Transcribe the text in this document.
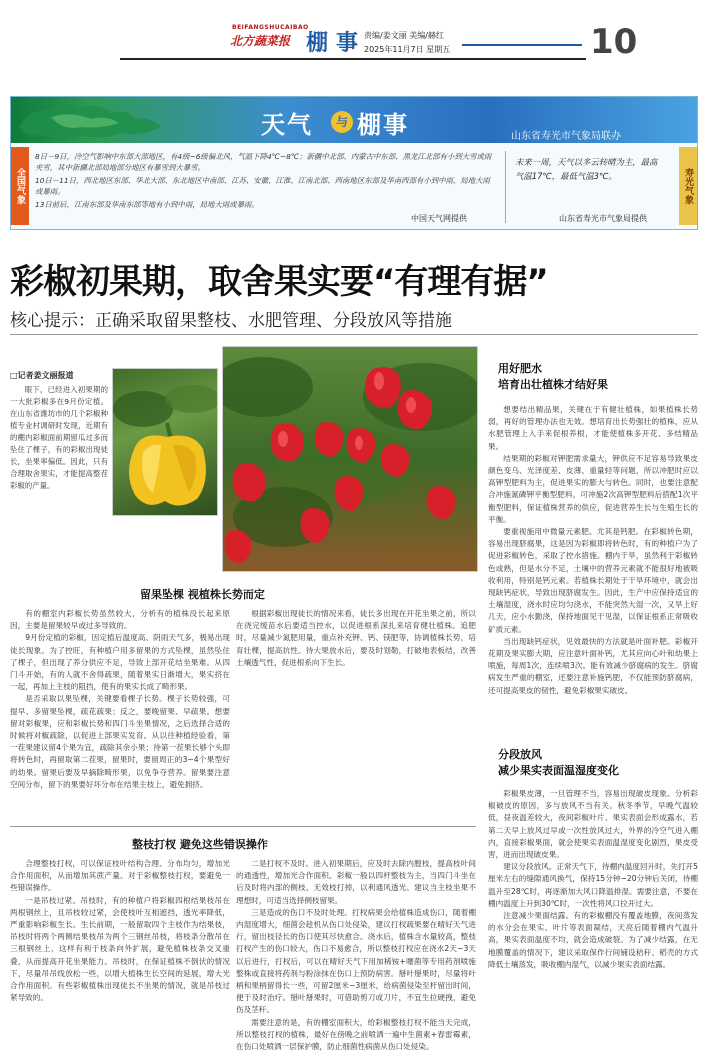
BEIFANGSHUCAIBAO
北方蔬菜报 棚 事 责编/姜文丽 美编/赫红
2025年11月7日 星期五	10
天气	与 棚事	山东省寿光市气象局联办
全国气象

8日－9日，冷空气影响中东部大部地区，有4级~6级偏北风，气温下降4℃~8℃；新疆中北部、内蒙古中东部、黑龙江北部有小到大雪或雨夹雪，其中新疆北部局地部分地区有暴雪到大暴雪。

10日－11日，西北地区东部、华北大部、东北地区中南部、江苏、安徽、江淮、江南北部、西南地区东部及华南西部有小到中雨，局地大雨或暴雨。

13日前后，江南东部及华南东部等地有小到中雨，局地大雨或暴雨。

中国天气网提供
未来一周，天气以多云转晴为主，最高气温17℃，最低气温3℃。
山东省寿光市气象局提供
寿光气象
彩椒初果期，取舍果实要“有理有据”
核心提示：正确采取留果整枝、水肥管理、分段放风等措施
□记者姜文丽报道

眼下，已经进入初果期的一大批彩椒多在9月份定植。在山东省潍坊市的几个彩椒种植专业村调研时发现，近期有的棚内彩椒面前期留瓜过多而坠住了棵子，有的彩椒出现徒长，坐果率偏低。因此，只有合理取舍果实，才能提高整茬彩椒的产量。

留果坠棵 视植株长势而定

有的棚室内彩椒长势虽然较大，分析有的植株没长起来原因，主要是留果较早或过多导致的。

9月份定植的彩椒，因定植后温度高、阴雨天气多，极易出现徒长现象。为了控旺，有种植户用多留果的方式坠棵，虽然坠住了棵子，但出现了养分供应不足，导致上部开花结坐果难。从四门斗开始，有的人就不舍得疏果，随着果实日渐增大，果实挤在一起，再加上主枝的阻挡，使有的果实长成了畸形果。

是否采取以果坠棵，关键要看棵子长势。棵子长势较强，可提早、多留果坠棵，疏花疏果；反之，要晚留果、早疏果。想要留对彩椒果，应和彩椒长势和四门斗坐果情况，之后选择合适的时候将对椒疏除，以促进上部果实发育。从以往种植经验看，第一茬果建议留4个果为宜，疏除其余小果；待第一茬果长够个头即将转色时，再留取第二茬果，留果时，要留周正的3~4个果型好的幼果。留果后要及早摘除畸形果，以免争夺营养。留果要注意空间分布，留下的果要好坏分布在结果主枝上，避免拥挤。

根据彩椒出现徒长的情况来看，徒长多出现在开花坐果之前，所以在浇完缓苗水后要适当控水，以促进根系深扎来培育健壮植株。追肥时，尽量减少氮肥用量，重点补充钾、钙、镁肥等，协调植株长势，培育壮棵，提高抗性。待大果放水后，要及时划勒，打破地表板结，改善土壤透气性，促进根系向下生长。

整枝打杈 避免这些错误操作

合理整枝打杈，可以保证枝叶结构合理、分布均匀，增加光合作用面积，从而增加其蔗产量。对于彩椒整枝打杈，要避免一些错误操作。

一是吊枝过紧。吊枝时，有的种植户将彩椒四根结果枝吊在两根钢丝上，且吊枝较过紧，会使枝叶互相遮挡，透光率降低，严重影响彩椒生长。生长前期，一般留取四个主枝作为结果枝，吊枝时将两个两侧结果枝吊为两个三钢丝吊枝，将枝条分散吊在三根钢丝上，这样有利于枝条向外扩展，避免植株枝条交叉重叠，从而提高开花坐果能力。吊枝时，在保证植株不倒伏的情况下，尽量吊吊线放松一些，以增大植株生长空间的延展，增大光合作用面积。有些彩椒植株出现徒长不坐果的情况，就是吊枝过紧导致的。

二是打杈不及时。进入初果期后，应及时去除内膛枝，提高枝叶间的通透性，增加光合作面积。彩椒一般以四杆整枝为主，当四门斗坐在后及时将内部的侧枝、无效枝打掉，以利通风透光。建议当主枝坐果不理想时，可适当选择侧枝留果。

三是造成的伤口不及时处理。打杈病果会给植株造成伤口，随着棚内湿度增大，细菌会趁机从伤口处侵染，建议打杈疏果要在晴好天气进行，留出枝径长的伤口使其尽快愈合。浇水后，植株含水量较高，整枝打杈产生的伤口较大，伤口不易愈合，所以整枝打杈应在浇水2天~3天以后进行，打杈后，可以在晴好天气下用加稀铵+噻菌等专用药剂喷施整株或直接将药剂与粉涂抹在伤口上预防病害。掰叶掰果时，尽量将叶柄和果柄留得长一些，可留2厘米~3厘米，给病菌侵染至杆留出时间，便于及时治疗。掰叶掰果时，可借助剪刀或刀片，不宜生拉硬拽，避免伤及茎秆。

需要注意的是，有的棚室面积大，给彩椒整枝打杈不能当天完成，所以整枝打杈的植株，最好在傍晚之前喷洒一遍中生菌素+春雷霉素，在伤口处喷洒一层保护膜，防止细菌性病菌从伤口处侵染。

用好肥水
培育出壮植株才结好果

想要结出精品果，关键在于有健壮植株，如果植株长势弱，再好的管理办法也无效。想培育出长势强壮的植株，应从水肥管理上入手来促根养根，才能使植株多开花、多结精品果。

结果期的彩椒对钾肥需求量大，钾供应不足容易导致果皮颜色变乌、光泽度差、皮薄、重量轻等问题，所以冲肥时应以高钾型肥料为主，促进果实的膨大与转色。同时，也要注意配合冲施氮磷钾平衡型肥料，可冲施2次高钾型肥料后搭配1次平衡型肥料，保证植株营养的供应，促进营养生长与生殖生长的平衡。

要重视施用中微量元素肥。尤其是钙肥。在彩椒转色期，容易出现脐腐果，这是因为彩椒即将转色时，有的种植户为了促进彩椒转色，采取了控水措施。棚内干旱，虽然利于彩椒转色或熟，但是水分不足，土壤中的营养元素就不能很好地被吸收利用，特别是钙元素。若植株长期处于干旱环境中，就会出现缺钙症状，导致出现脐腐发生。因此，生产中应保持适宜的土壤湿度，浇水时应均匀浇水，不能突然大湿一次，又旱上好几天，应小水勤浇，保持地面见干见湿，以保证根系正常吸收矿质元素。

当出现缺钙症状，见效最快的方法就是叶面补肥。彩椒开花期及果实膨大期，应注意叶面补钙，尤其应向心叶和幼果上喷施，每周1次，连续喷3次。能有效减少脐腐病的发生。脐腐病发生严重的棚室，还要注意补施钙肥，不仅能预防脐腐病，还可提高果皮的韧性，避免彩椒果实破皮。

分段放风
减少果实表面温湿度变化

彩椒果皮薄，一旦管理不当，容易出现破皮现象。分析彩椒破皮的原因，多与放风不当有关。秋冬季节，早晚气温较低，昼夜温差较大，夜间彩椒叶片、果实表面会形成露水，若第二天早上放风过早或一次性放风过大，外界的冷空气进入棚内，直接彩椒果面，就会使果实表面温湿度变化剧烈，果皮受害，进而出现破皮果。

建议分段放风。正常天气下，待棚内温度回升时，先打开5厘米左右的缝隙通风换气，保持15分钟~20分钟后关闭，待棚温升至28℃时，再逐渐加大风口降温排湿。需要注意，不要在棚内温度上升到30℃时，一次性将风口拉开过大。

注意减少果面结露。有的彩椒棚没有覆盖地膜，夜间蒸发的水分会在果实、叶片等表面凝结，天亮后随着棚内气温升高，果实表面温度不均，就会造成破裂。为了减少结露，在无地膜覆盖的情况下，建议采取保作行间铺设秸秆、稻壳的方式降低土壤蒸发，吸收棚内湿气，以减少果实表面结露。
